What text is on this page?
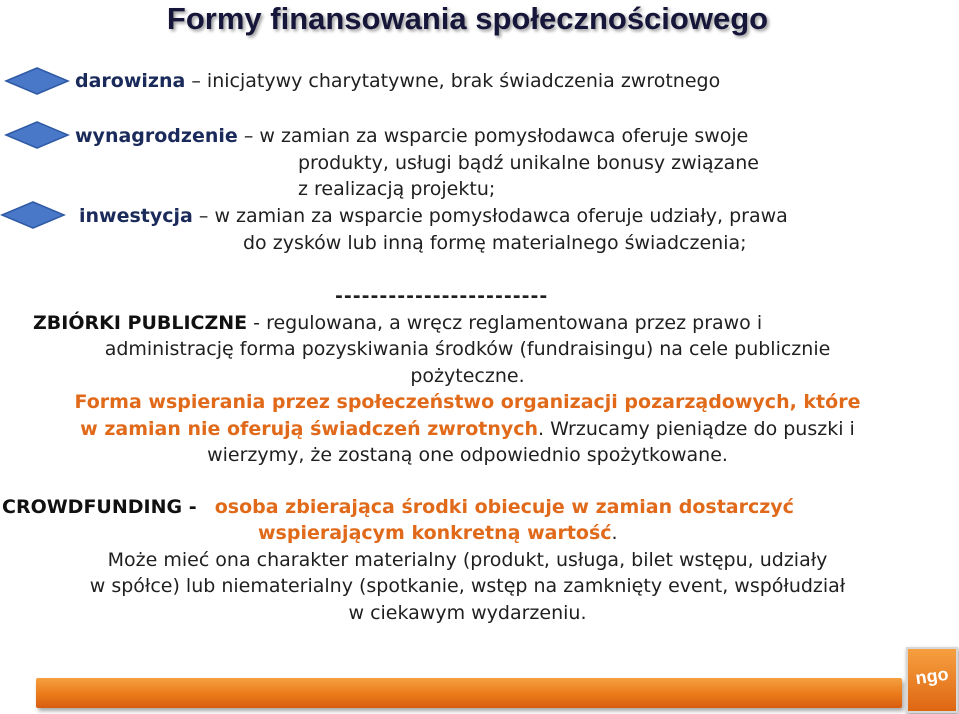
Formy finansowania społecznościowego
darowizna – inicjatywy charytatywne, brak świadczenia zwrotnego
wynagrodzenie – w zamian za wsparcie pomysłodawca oferuje swoje
produkty, usługi bądź unikalne bonusy związane
z realizacją projektu;
inwestycja – w zamian za wsparcie pomysłodawca oferuje udziały, prawa
do zysków lub inną formę materialnego świadczenia;
------------------------
ZBIÓRKI PUBLICZNE - regulowana, a wręcz reglamentowana przez prawo i
administrację forma pozyskiwania środków (fundraisingu) na cele publicznie
pożyteczne.
Forma wspierania przez społeczeństwo organizacji pozarządowych, które
w zamian nie oferują świadczeń zwrotnych. Wrzucamy pieniądze do puszki i
wierzymy, że zostaną one odpowiednio spożytkowane.
CROWDFUNDING - osoba zbierająca środki obiecuje w zamian dostarczyć
wspierającym konkretną wartość.
Może mieć ona charakter materialny (produkt, usługa, bilet wstępu, udziały
w spółce) lub niematerialny (spotkanie, wstęp na zamknięty event, współudział
w ciekawym wydarzeniu.
ngo
